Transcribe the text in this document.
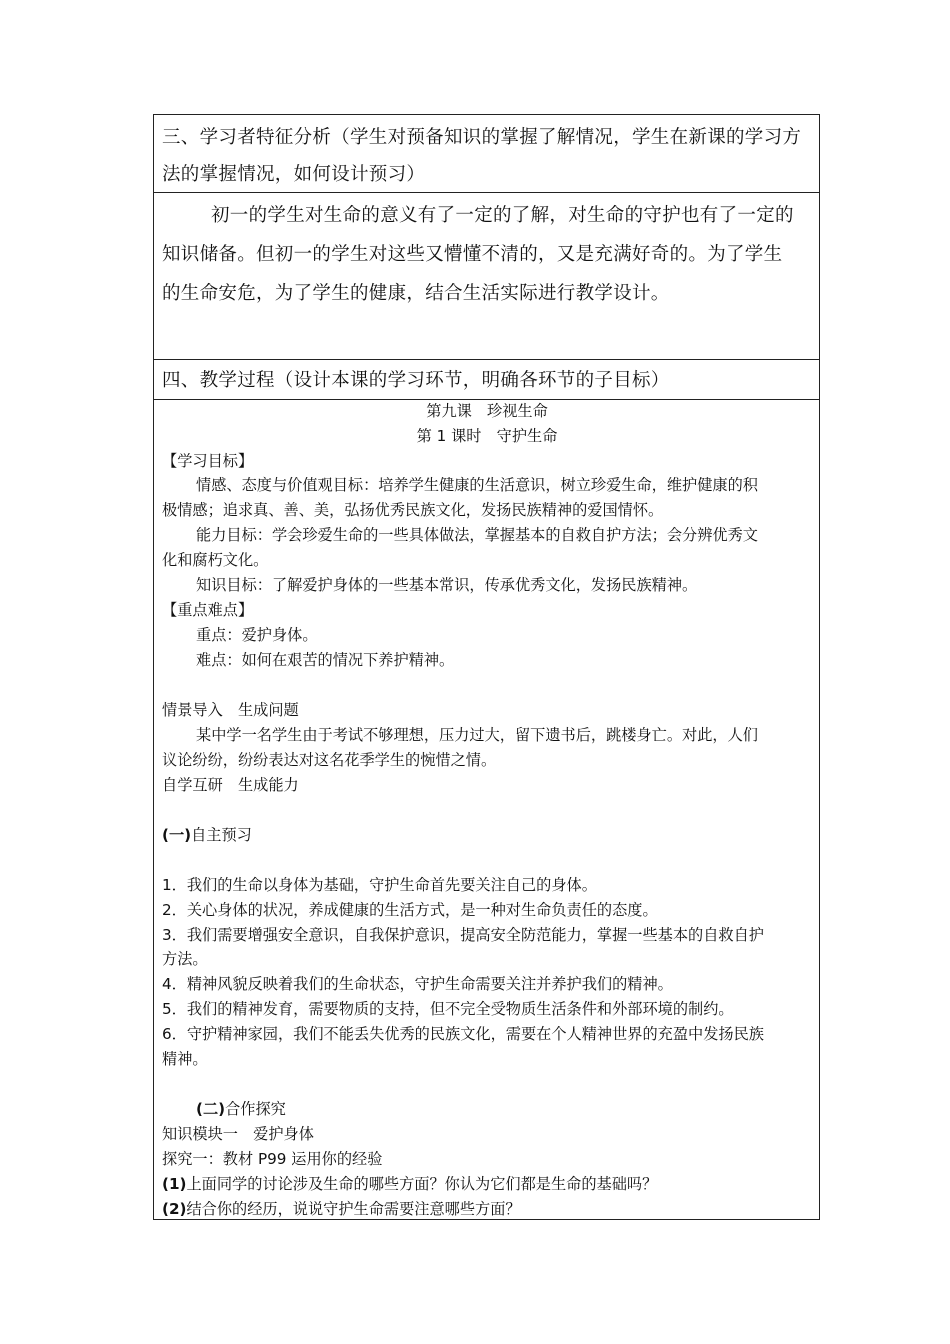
三、学习者特征分析（学生对预备知识的掌握了解情况，学生在新课的学习方
法的掌握情况，如何设计预习）
初一的学生对生命的意义有了一定的了解，对生命的守护也有了一定的
知识储备。但初一的学生对这些又懵懂不清的，又是充满好奇的。为了学生
的生命安危，为了学生的健康，结合生活实际进行教学设计。
四、教学过程（设计本课的学习环节，明确各环节的子目标）
第九课　珍视生命
第 1 课时　守护生命
【学习目标】
情感、态度与价值观目标：培养学生健康的生活意识，树立珍爱生命，维护健康的积
极情感；追求真、善、美，弘扬优秀民族文化，发扬民族精神的爱国情怀。
能力目标：学会珍爱生命的一些具体做法，掌握基本的自救自护方法；会分辨优秀文
化和腐朽文化。
知识目标：了解爱护身体的一些基本常识，传承优秀文化，发扬民族精神。
【重点难点】
重点：爱护身体。
难点：如何在艰苦的情况下养护精神。
情景导入　生成问题
某中学一名学生由于考试不够理想，压力过大，留下遗书后，跳楼身亡。对此，人们
议论纷纷，纷纷表达对这名花季学生的惋惜之情。
自学互研　生成能力
(一)自主预习
1．我们的生命以身体为基础，守护生命首先要关注自己的身体。
2．关心身体的状况，养成健康的生活方式，是一种对生命负责任的态度。
3．我们需要增强安全意识，自我保护意识，提高安全防范能力，掌握一些基本的自救自护
方法。
4．精神风貌反映着我们的生命状态，守护生命需要关注并养护我们的精神。
5．我们的精神发育，需要物质的支持，但不完全受物质生活条件和外部环境的制约。
6．守护精神家园，我们不能丢失优秀的民族文化，需要在个人精神世界的充盈中发扬民族
精神。
(二)合作探究
知识模块一　爱护身体
探究一：教材 P99 运用你的经验
(1)上面同学的讨论涉及生命的哪些方面？你认为它们都是生命的基础吗？
(2)结合你的经历，说说守护生命需要注意哪些方面？
